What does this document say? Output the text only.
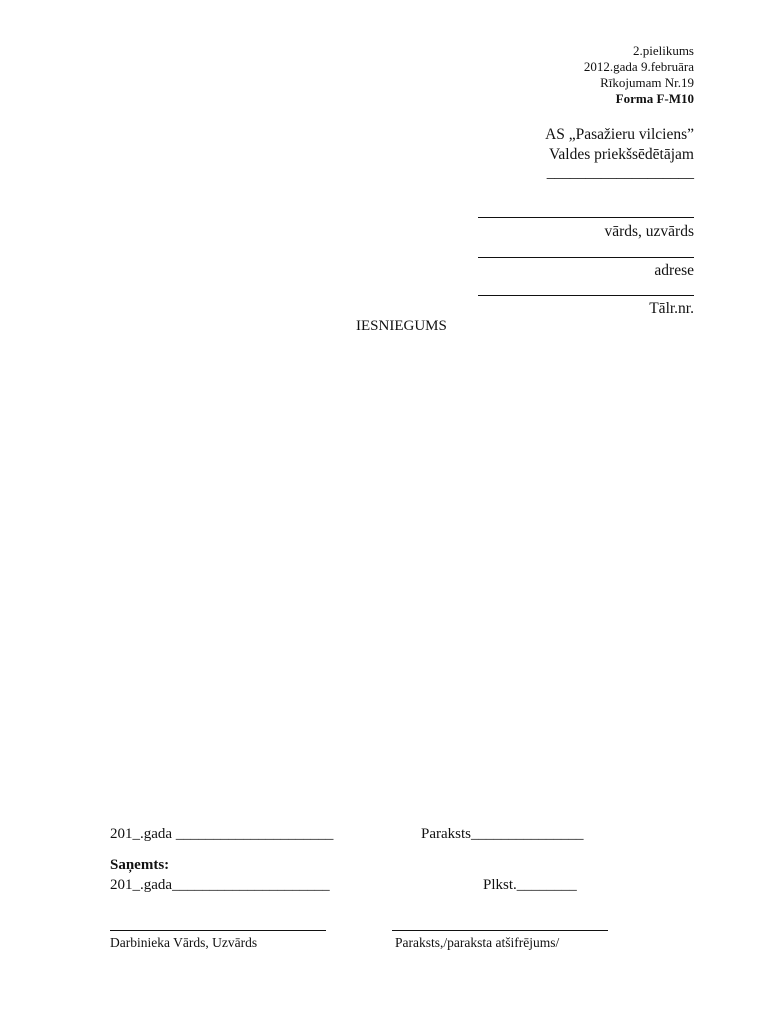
2.pielikums
2012.gada 9.februāra
Rīkojumam Nr.19
Forma F-M10
AS „Pasažieru vilciens”
Valdes priekšsēdētājam
___________________
vārds, uzvārds
adrese
Tālr.nr.
IESNIEGUMS
201_.gada _____________________	Paraksts_______________
Saņemts:
201_.gada_____________________	Plkst.________
Darbinieka Vārds, Uzvārds	Paraksts,/paraksta atšifrējums/
